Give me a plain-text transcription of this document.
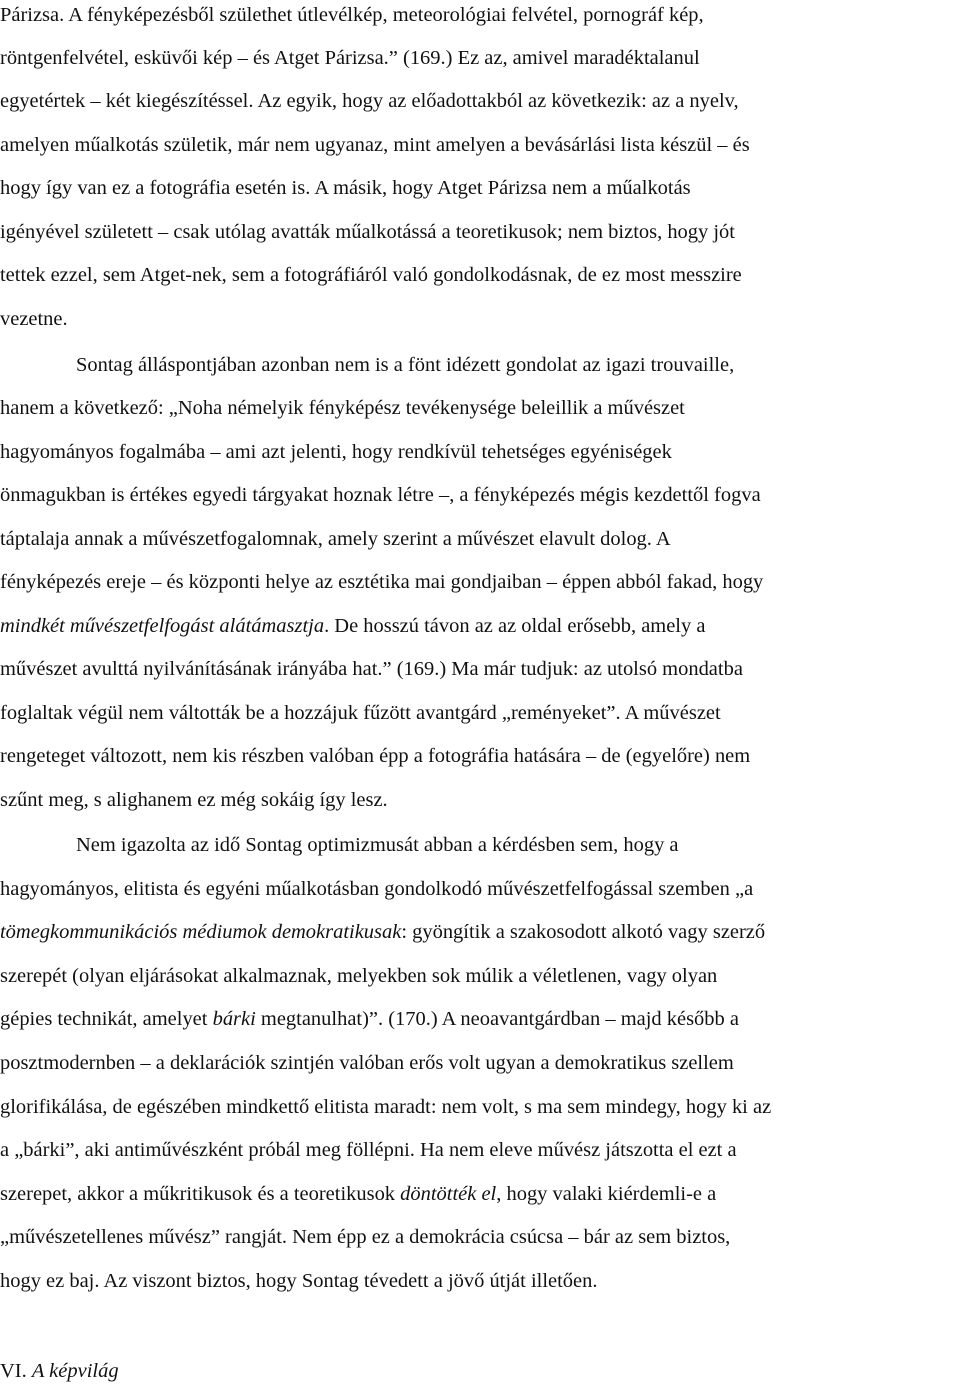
Párizsa. A fényképezésből születhet útlevélkép, meteorológiai felvétel, pornográf kép,
röntgenfelvétel, esküvői kép – és Atget Párizsa.” (169.) Ez az, amivel maradéktalanul
egyetértek – két kiegészítéssel. Az egyik, hogy az előadottakból az következik: az a nyelv,
amelyen műalkotás születik, már nem ugyanaz, mint amelyen a bevásárlási lista készül – és
hogy így van ez a fotográfia esetén is. A másik, hogy Atget Párizsa nem a műalkotás
igényével született – csak utólag avatták műalkotássá a teoretikusok; nem biztos, hogy jót
tettek ezzel, sem Atget-nek, sem a fotográfiáról való gondolkodásnak, de ez most messzire
vezetne.
Sontag álláspontjában azonban nem is a fönt idézett gondolat az igazi trouvaille,
hanem a következő: „Noha némelyik fényképész tevékenysége beleillik a művészet
hagyományos fogalmába – ami azt jelenti, hogy rendkívül tehetséges egyéniségek
önmagukban is értékes egyedi tárgyakat hoznak létre –, a fényképezés mégis kezdettől fogva
táptalaja annak a művészetfogalomnak, amely szerint a művészet elavult dolog. A
fényképezés ereje – és központi helye az esztétika mai gondjaiban – éppen abból fakad, hogy
mindkét művészetfelfogást alátámasztja. De hosszú távon az az oldal erősebb, amely a
művészet avulttá nyilvánításának irányába hat.” (169.) Ma már tudjuk: az utolsó mondatba
foglaltak végül nem váltották be a hozzájuk fűzött avantgárd „reményeket”. A művészet
rengeteget változott, nem kis részben valóban épp a fotográfia hatására – de (egyelőre) nem
szűnt meg, s alighanem ez még sokáig így lesz.
Nem igazolta az idő Sontag optimizmusát abban a kérdésben sem, hogy a
hagyományos, elitista és egyéni műalkotásban gondolkodó művészetfelfogással szemben „a
tömegkommunikációs médiumok demokratikusak: gyöngítik a szakosodott alkotó vagy szerző
szerepét (olyan eljárásokat alkalmaznak, melyekben sok múlik a véletlenen, vagy olyan
gépies technikát, amelyet bárki megtanulhat)”. (170.) A neoavantgárdban – majd később a
posztmodernben – a deklarációk szintjén valóban erős volt ugyan a demokratikus szellem
glorifikálása, de egészében mindkettő elitista maradt: nem volt, s ma sem mindegy, hogy ki az
a „bárki”, aki antiművészként próbál meg föllépni. Ha nem eleve művész játszotta el ezt a
szerepet, akkor a műkritikusok és a teoretikusok döntötték el, hogy valaki kiérdemli-e a
„művészetellenes művész” rangját. Nem épp ez a demokrácia csúcsa – bár az sem biztos,
hogy ez baj. Az viszont biztos, hogy Sontag tévedett a jövő útját illetően.
VI. A képvilág
